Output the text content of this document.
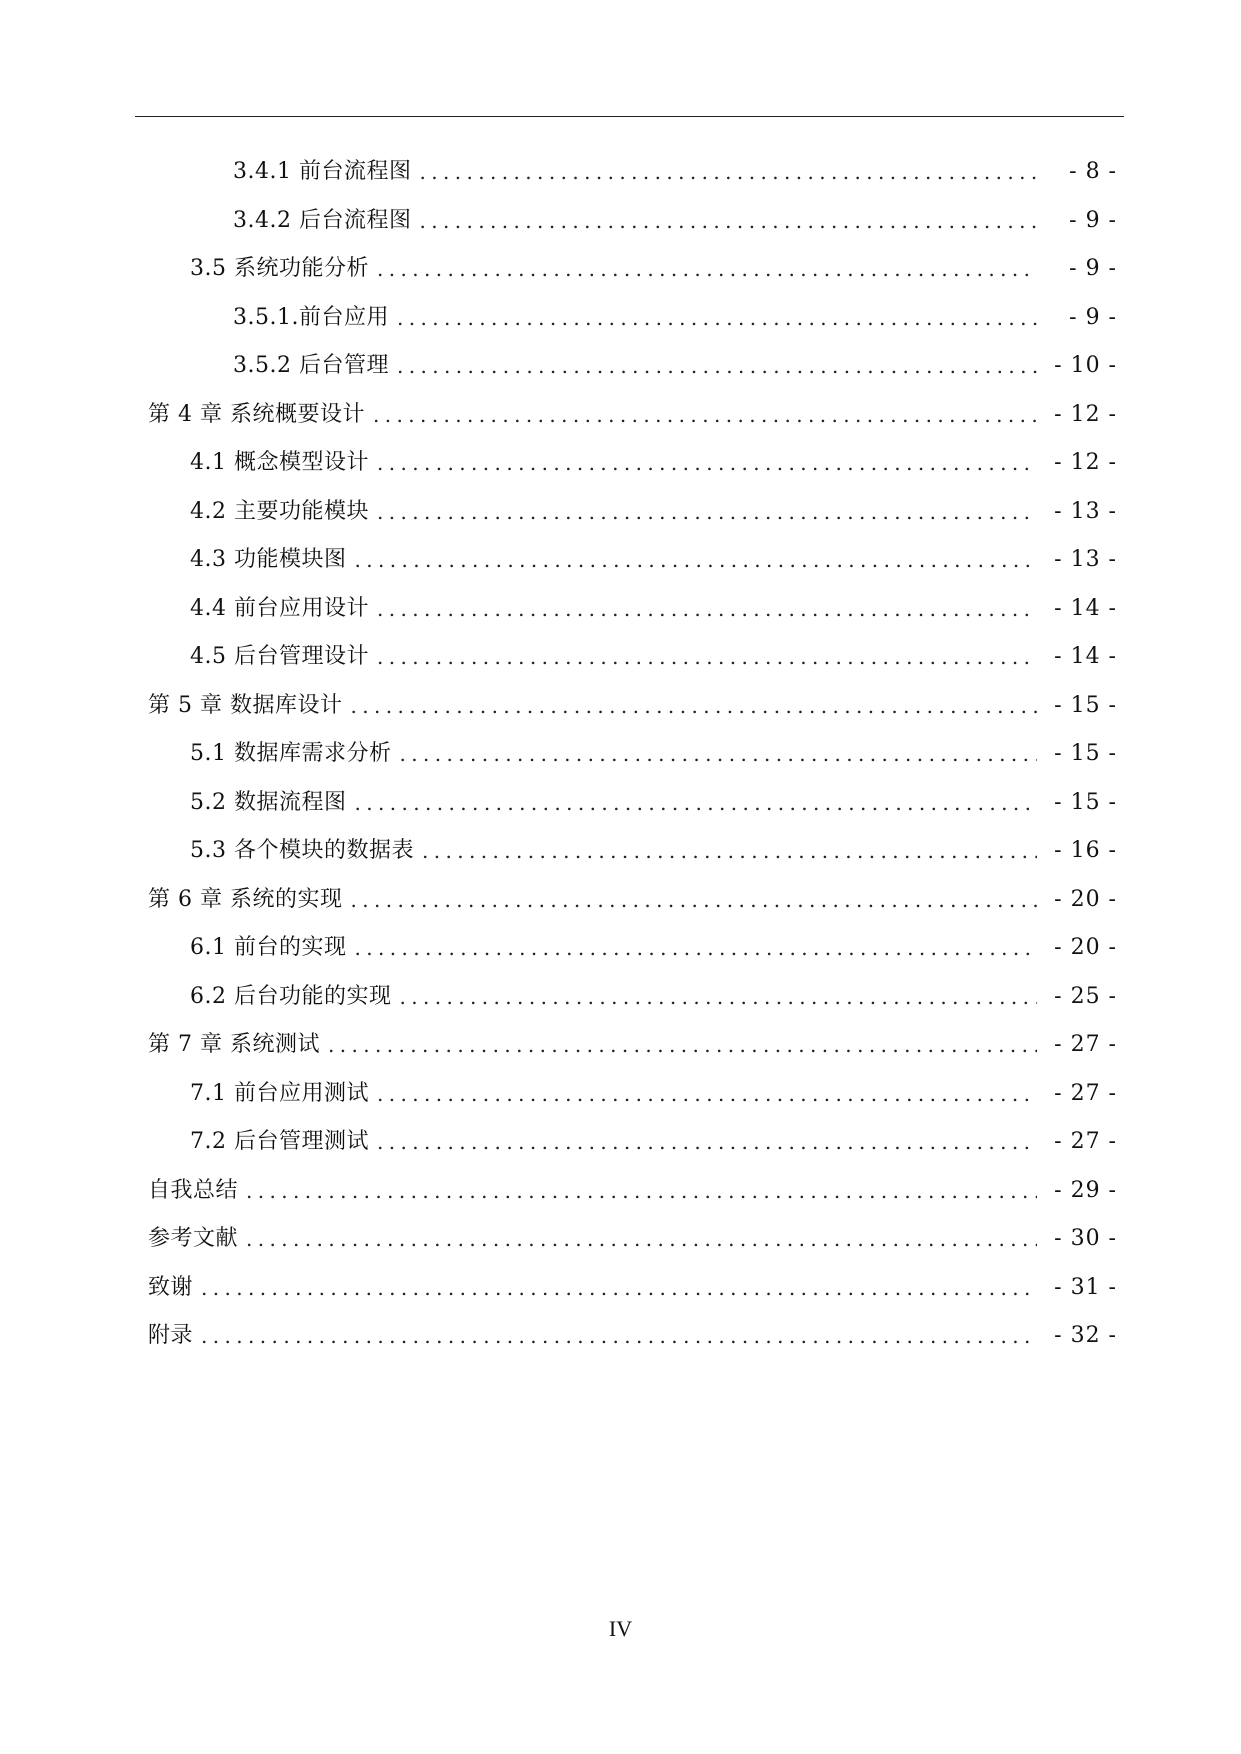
3.4.1 前台流程图 .....	- 8 -
3.4.2 后台流程图 .....	- 9 -
3.5 系统功能分析 .....	- 9 -
3.5.1.前台应用 .....	- 9 -
3.5.2 后台管理 .....	- 10 -
第 4 章 系统概要设计 .....	- 12 -
4.1 概念模型设计 .....	- 12 -
4.2 主要功能模块 .....	- 13 -
4.3 功能模块图 .....	- 13 -
4.4 前台应用设计 .....	- 14 -
4.5 后台管理设计 .....	- 14 -
第 5 章 数据库设计 .....	- 15 -
5.1 数据库需求分析 .....	- 15 -
5.2 数据流程图 .....	- 15 -
5.3 各个模块的数据表 .....	- 16 -
第 6 章 系统的实现 .....	- 20 -
6.1 前台的实现 .....	- 20 -
6.2 后台功能的实现 .....	- 25 -
第 7 章 系统测试 .....	- 27 -
7.1 前台应用测试 .....	- 27 -
7.2 后台管理测试 .....	- 27 -
自我总结 .....	- 29 -
参考文献 .....	- 30 -
致谢 .....	- 31 -
附录 .....	- 32 -
IV
